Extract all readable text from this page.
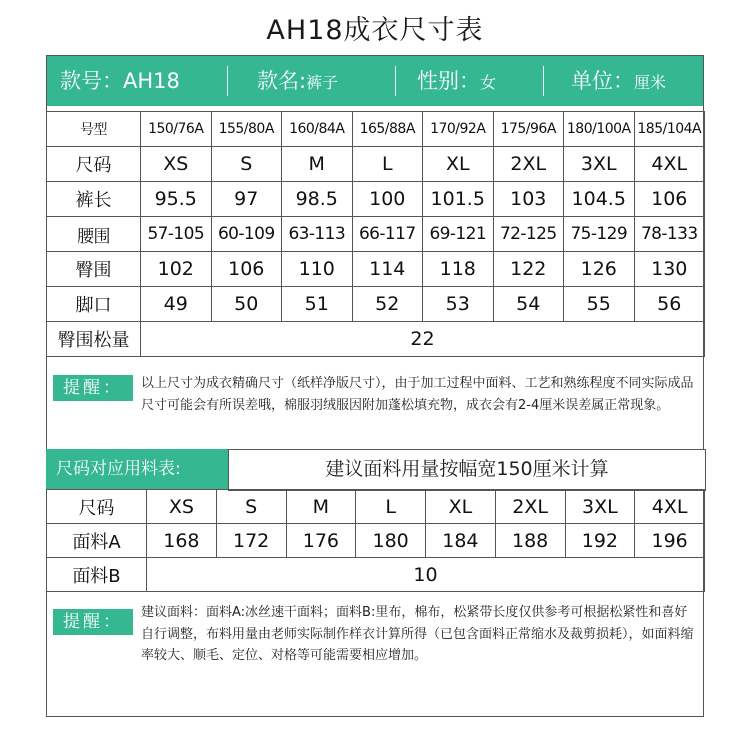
AH18成衣尺寸表
款号：AH18	款名:裤子	性别：女	单位：厘米
号型	150/76A	155/80A	160/84A	165/88A	170/92A	175/96A	180/100A	185/104A
尺码	XS	S	M	L	XL	2XL	3XL	4XL
裤长	95.5	97	98.5	100	101.5	103	104.5	106
腰围	57-105	60-109	63-113	66-117	69-121	72-125	75-129	78-133
臀围	102	106	110	114	118	122	126	130
脚口	49	50	51	52	53	54	55	56
臀围松量	22							
提醒：	以上尺寸为成衣精确尺寸（纸样净版尺寸），由于加工过程中面料、工艺和熟练程度不同实际成品尺寸可能会有所误差哦，棉服羽绒服因附加蓬松填充物，成衣会有2-4厘米误差属正常现象。
尺码对应用料表:	建议面料用量按幅宽150厘米计算
尺码	XS	S	M	L	XL	2XL	3XL	4XL
面料A	168	172	176	180	184	188	192	196
面料B	10							
提醒：	建议面料：面料A:冰丝速干面料；面料B:里布，棉布，松紧带长度仅供参考可根据松紧性和喜好自行调整，布料用量由老师实际制作样衣计算所得（已包含面料正常缩水及裁剪损耗），如面料缩率较大、顺毛、定位、对格等可能需要相应增加。
